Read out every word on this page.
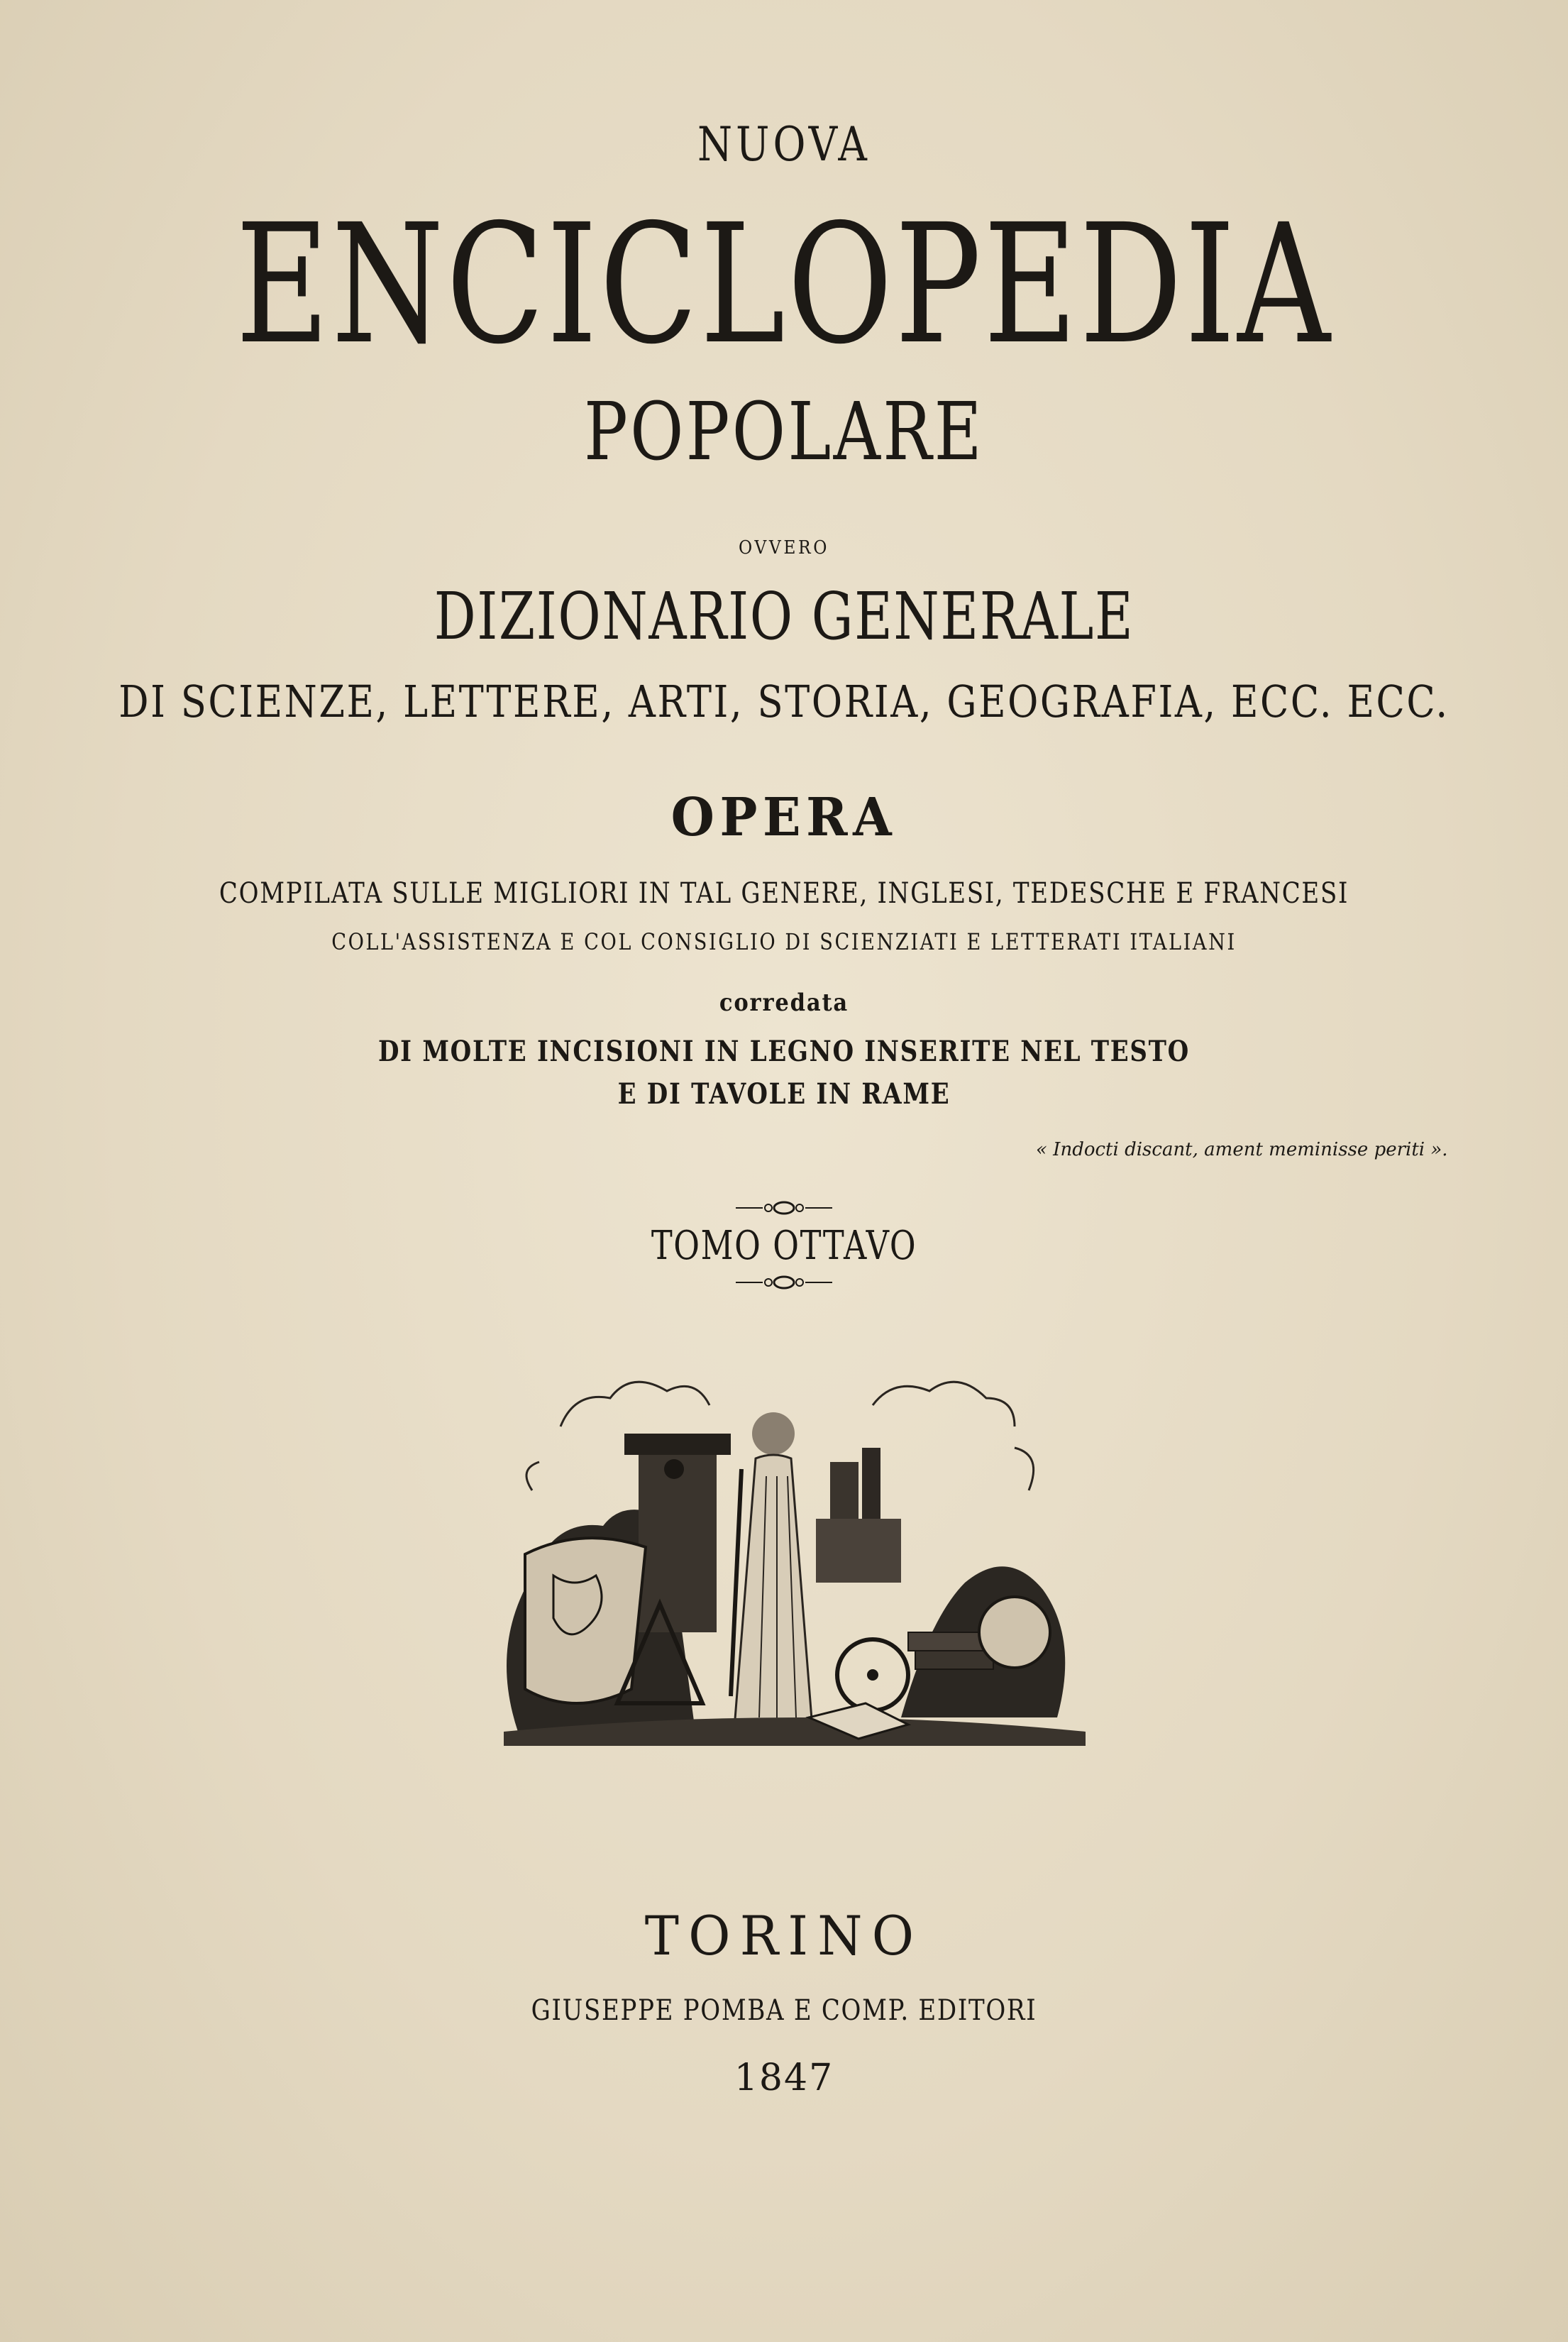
NUOVA
ENCICLOPEDIA
POPOLARE
OVVERO
DIZIONARIO GENERALE
DI SCIENZE, LETTERE, ARTI, STORIA, GEOGRAFIA, ECC. ECC.
OPERA
COMPILATA SULLE MIGLIORI IN TAL GENERE, INGLESI, TEDESCHE E FRANCESI
COLL'ASSISTENZA E COL CONSIGLIO DI SCIENZIATI E LETTERATI ITALIANI
corredata
DI MOLTE INCISIONI IN LEGNO INSERITE NEL TESTO
E DI TAVOLE IN RAME
« Indocti discant, ament meminisse periti ».
TOMO OTTAVO
TORINO
GIUSEPPE POMBA E COMP. EDITORI
1847
